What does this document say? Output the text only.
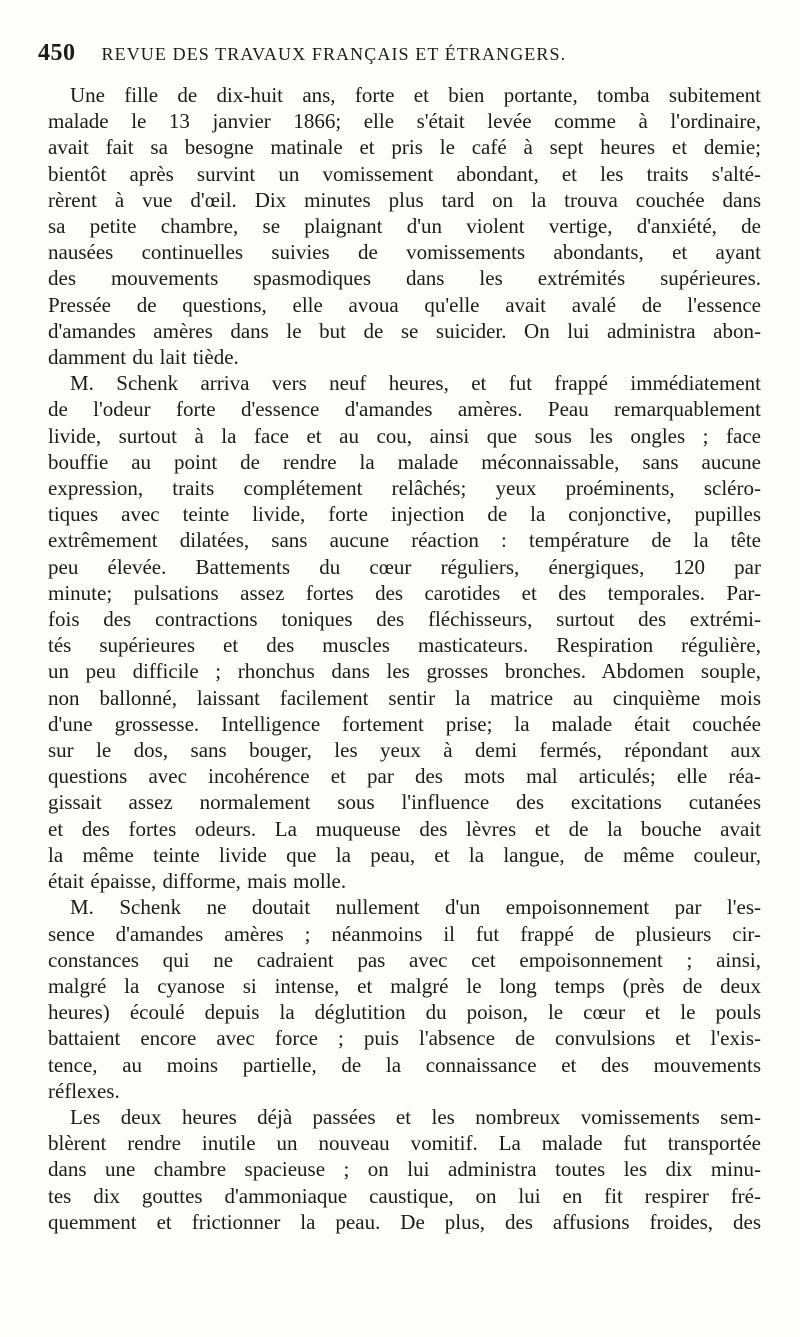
450 REVUE DES TRAVAUX FRANÇAIS ET ÉTRANGERS.

Une fille de dix-huit ans, forte et bien portante, tomba subitement
malade le 13 janvier 1866; elle s'était levée comme à l'ordinaire,
avait fait sa besogne matinale et pris le café à sept heures et demie;
bientôt après survint un vomissement abondant, et les traits s'alté-
rèrent à vue d'œil. Dix minutes plus tard on la trouva couchée dans
sa petite chambre, se plaignant d'un violent vertige, d'anxiété, de
nausées continuelles suivies de vomissements abondants, et ayant
des mouvements spasmodiques dans les extrémités supérieures.
Pressée de questions, elle avoua qu'elle avait avalé de l'essence
d'amandes amères dans le but de se suicider. On lui administra abon-
damment du lait tiède.

M. Schenk arriva vers neuf heures, et fut frappé immédiatement
de l'odeur forte d'essence d'amandes amères. Peau remarquablement
livide, surtout à la face et au cou, ainsi que sous les ongles ; face
bouffie au point de rendre la malade méconnaissable, sans aucune
expression, traits complétement relâchés; yeux proéminents, scléro-
tiques avec teinte livide, forte injection de la conjonctive, pupilles
extrêmement dilatées, sans aucune réaction : température de la tête
peu élevée. Battements du cœur réguliers, énergiques, 120 par
minute; pulsations assez fortes des carotides et des temporales. Par-
fois des contractions toniques des fléchisseurs, surtout des extrémi-
tés supérieures et des muscles masticateurs. Respiration régulière,
un peu difficile ; rhonchus dans les grosses bronches. Abdomen souple,
non ballonné, laissant facilement sentir la matrice au cinquième mois
d'une grossesse. Intelligence fortement prise; la malade était couchée
sur le dos, sans bouger, les yeux à demi fermés, répondant aux
questions avec incohérence et par des mots mal articulés; elle réa-
gissait assez normalement sous l'influence des excitations cutanées
et des fortes odeurs. La muqueuse des lèvres et de la bouche avait
la même teinte livide que la peau, et la langue, de même couleur,
était épaisse, difforme, mais molle.

M. Schenk ne doutait nullement d'un empoisonnement par l'es-
sence d'amandes amères ; néanmoins il fut frappé de plusieurs cir-
constances qui ne cadraient pas avec cet empoisonnement ; ainsi,
malgré la cyanose si intense, et malgré le long temps (près de deux
heures) écoulé depuis la déglutition du poison, le cœur et le pouls
battaient encore avec force ; puis l'absence de convulsions et l'exis-
tence, au moins partielle, de la connaissance et des mouvements
réflexes.

Les deux heures déjà passées et les nombreux vomissements sem-
blèrent rendre inutile un nouveau vomitif. La malade fut transportée
dans une chambre spacieuse ; on lui administra toutes les dix minu-
tes dix gouttes d'ammoniaque caustique, on lui en fit respirer fré-
quemment et frictionner la peau. De plus, des affusions froides, des
